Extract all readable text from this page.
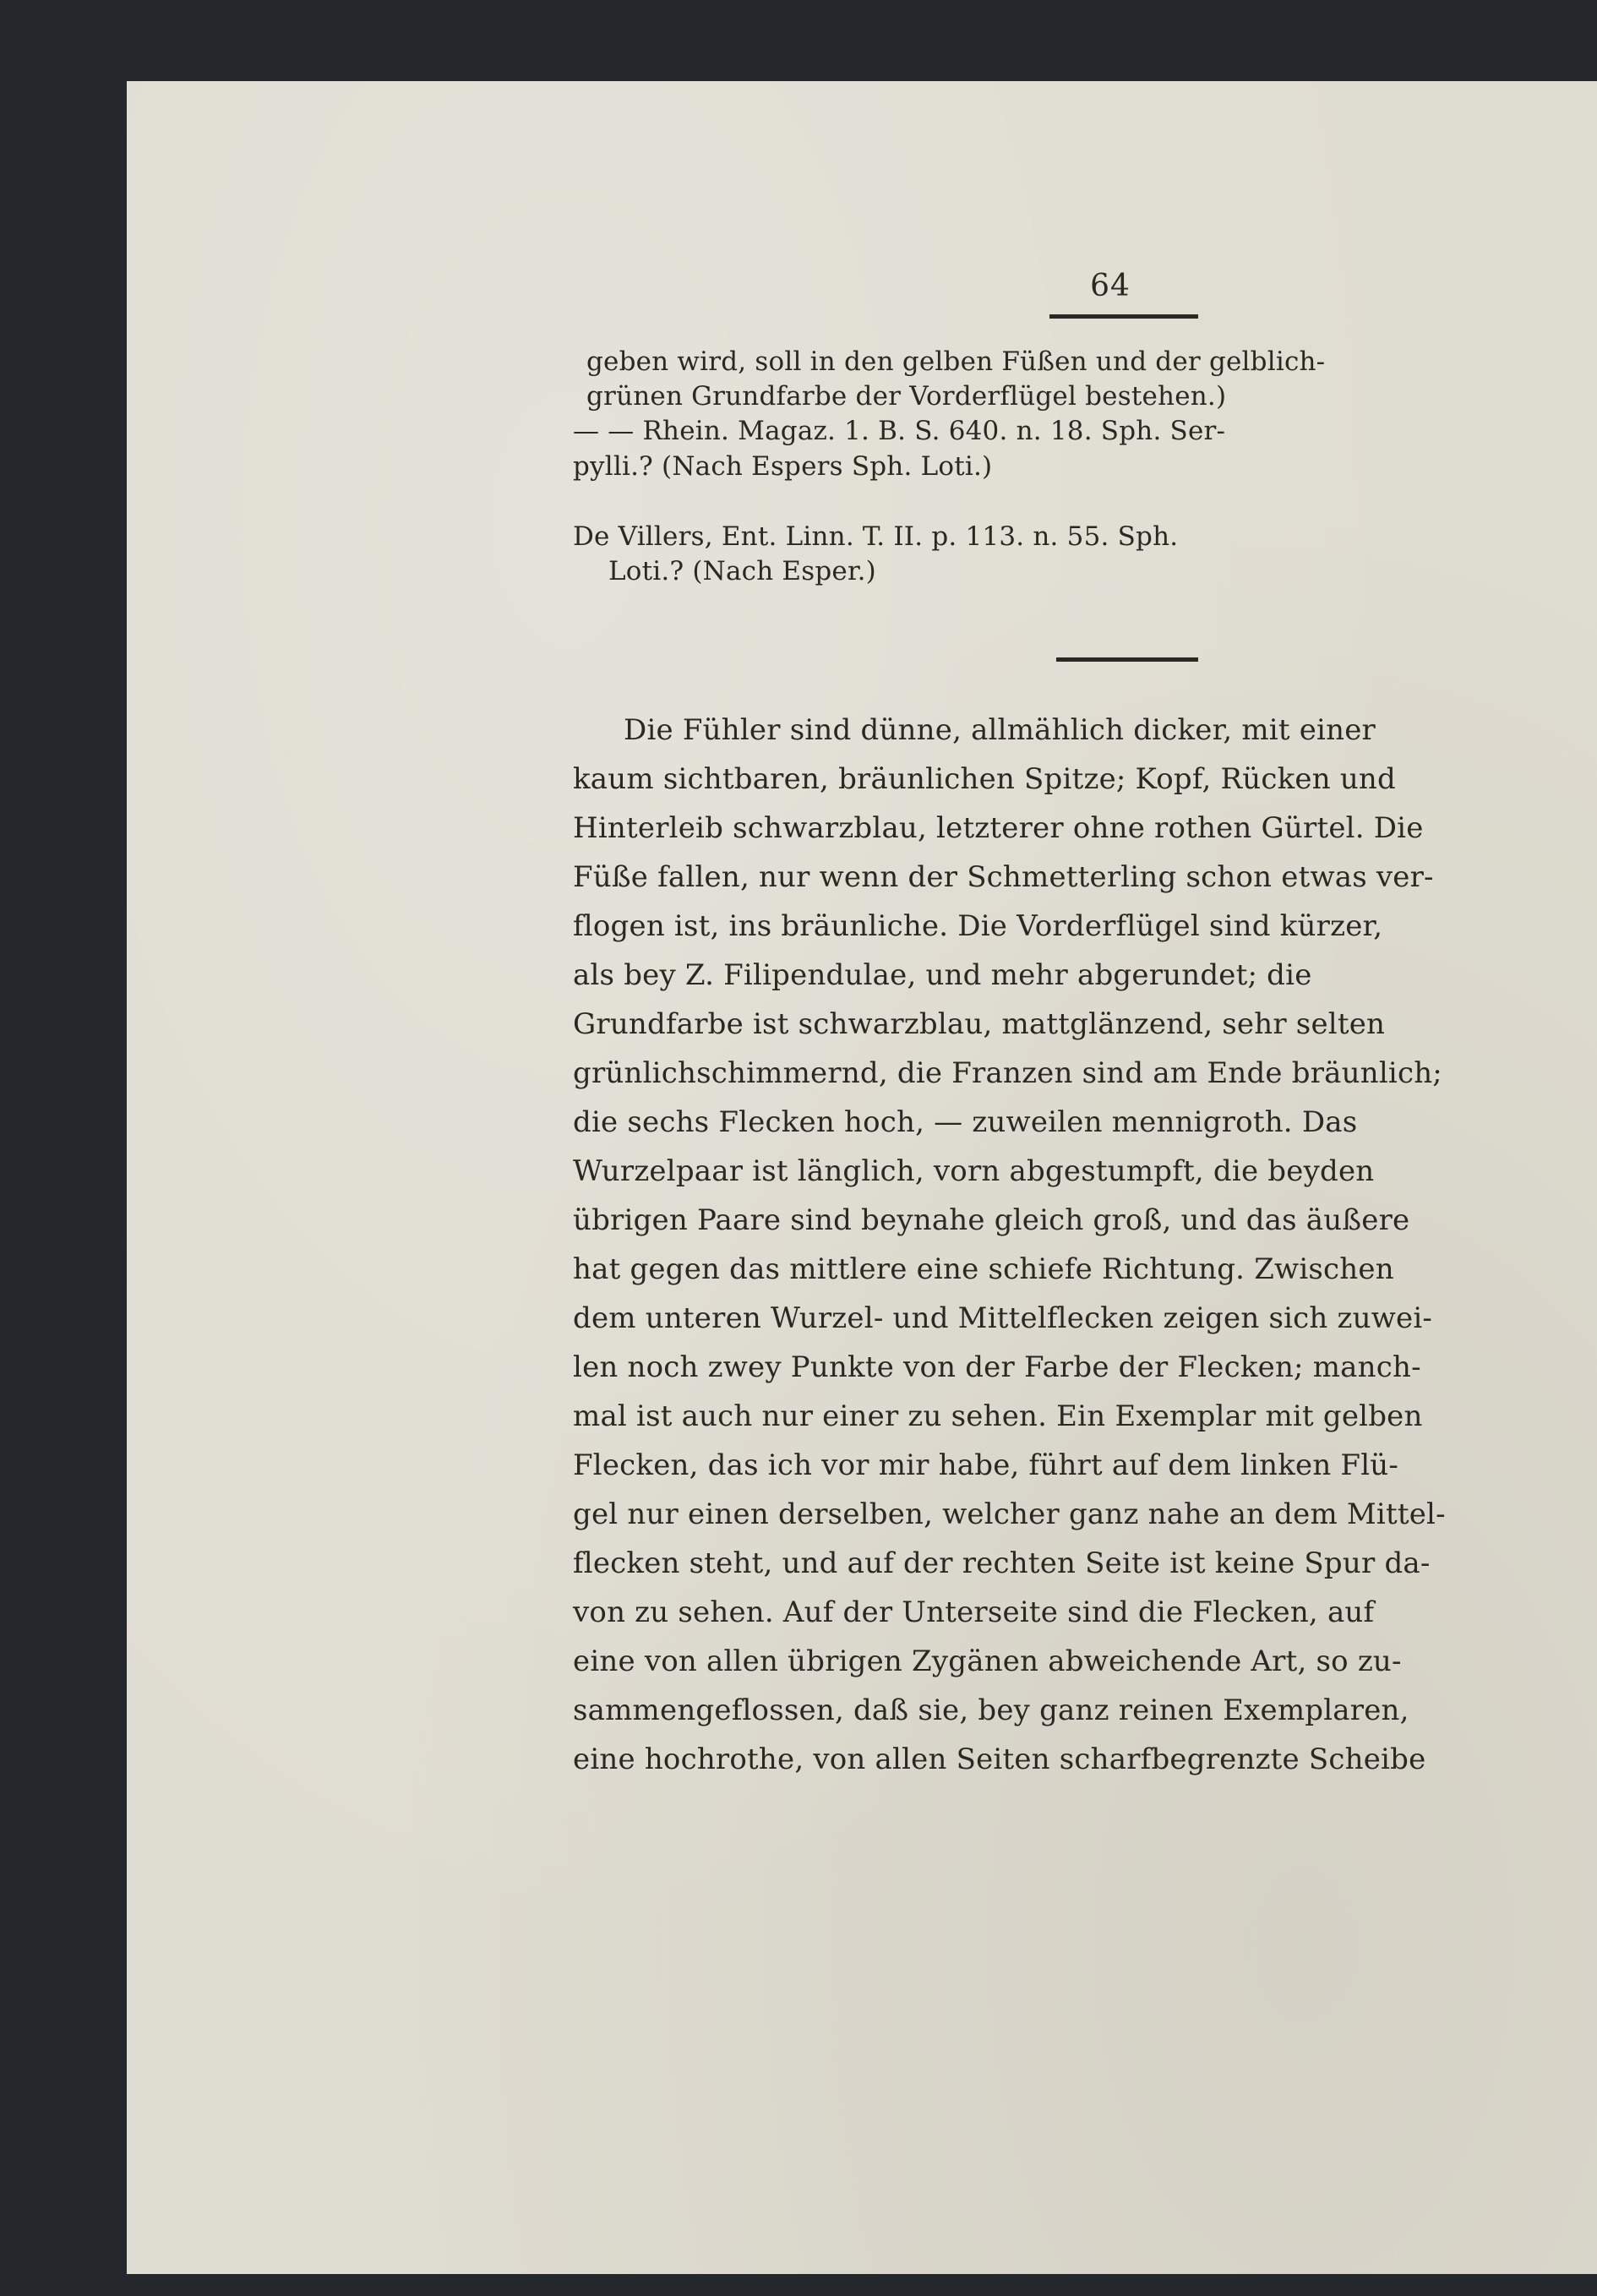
64
geben wird, soll in den gelben Füßen und der gelblich-
grünen Grundfarbe der Vorderflügel bestehen.)
— — Rhein. Magaz. 1. B. S. 640. n. 18. Sph. Ser-
pylli.? (Nach Espers Sph. Loti.)
De Villers, Ent. Linn. T. II. p. 113. n. 55. Sph.
Loti.? (Nach Esper.)
Die Fühler sind dünne, allmählich dicker, mit einer
kaum sichtbaren, bräunlichen Spitze; Kopf, Rücken und
Hinterleib schwarzblau, letzterer ohne rothen Gürtel. Die
Füße fallen, nur wenn der Schmetterling schon etwas ver-
flogen ist, ins bräunliche. Die Vorderflügel sind kürzer,
als bey Z. Filipendulae, und mehr abgerundet; die
Grundfarbe ist schwarzblau, mattglänzend, sehr selten
grünlichschimmernd, die Franzen sind am Ende bräunlich;
die sechs Flecken hoch, — zuweilen mennigroth. Das
Wurzelpaar ist länglich, vorn abgestumpft, die beyden
übrigen Paare sind beynahe gleich groß, und das äußere
hat gegen das mittlere eine schiefe Richtung. Zwischen
dem unteren Wurzel- und Mittelflecken zeigen sich zuwei-
len noch zwey Punkte von der Farbe der Flecken; manch-
mal ist auch nur einer zu sehen. Ein Exemplar mit gelben
Flecken, das ich vor mir habe, führt auf dem linken Flü-
gel nur einen derselben, welcher ganz nahe an dem Mittel-
flecken steht, und auf der rechten Seite ist keine Spur da-
von zu sehen. Auf der Unterseite sind die Flecken, auf
eine von allen übrigen Zygänen abweichende Art, so zu-
sammengeflossen, daß sie, bey ganz reinen Exemplaren,
eine hochrothe, von allen Seiten scharfbegrenzte Scheibe
